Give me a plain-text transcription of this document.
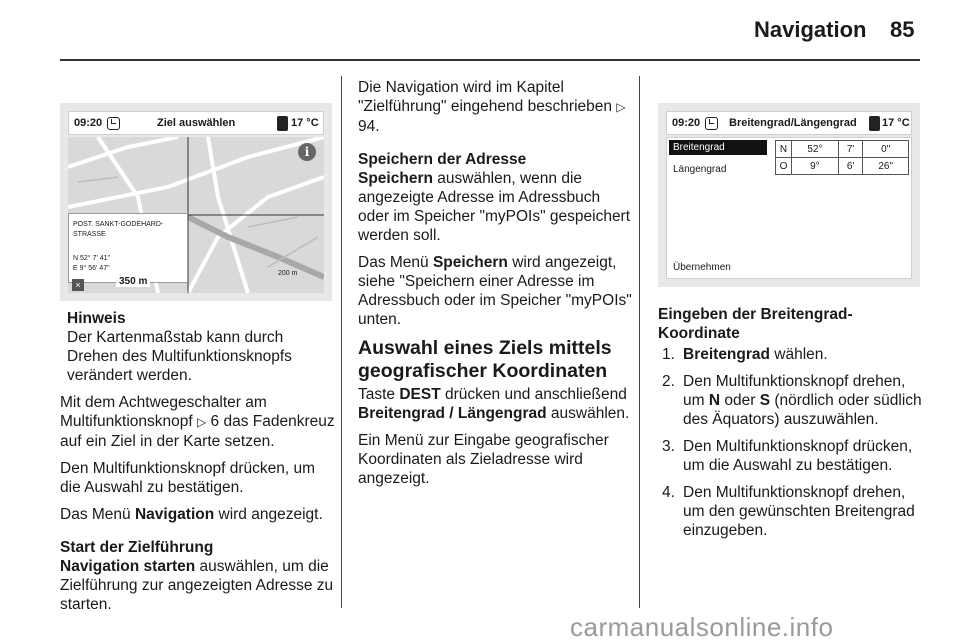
Navigation 85
09:20	Ziel auswählen	17 °C
i
POST. SANKT-GODEHARD-STRASSE
N 52° 7' 41"
E 9° 56' 47"
×	350 m
200 m
Hinweis
Der Kartenmaßstab kann durch Drehen des Multifunktionsknopfs verändert werden.

Mit dem Achtwegeschalter am Multifunktionsknopf ▷ 6 das Fadenkreuz auf ein Ziel in der Karte setzen.

Den Multifunktionsknopf drücken, um die Auswahl zu bestätigen.

Das Menü Navigation wird angezeigt.

Start der Zielführung

Navigation starten auswählen, um die Zielführung zur angezeigten Adresse zu starten.

Die Navigation wird im Kapitel "Zielführung" eingehend beschrieben ▷ 94.

Speichern der Adresse

Speichern auswählen, wenn die angezeigte Adresse im Adressbuch oder im Speicher "myPOIs" gespeichert werden soll.

Das Menü Speichern wird angezeigt, siehe "Speichern einer Adresse im Adressbuch oder im Speicher "myPOIs" unten.

Auswahl eines Ziels mittels geografischer Koordinaten

Taste DEST drücken und anschließend Breitengrad / Längengrad auswählen.

Ein Menü zur Eingabe geografischer Koordinaten als Zieladresse wird angezeigt.

09:20	Breitengrad/Längengrad 17 °C
Breitengrad
Längengrad
Übernehmen
N	52°	7'	0"
O	9°	6'	26"
Eingeben der Breitengrad-Koordinate
1. Breitengrad wählen.
2. Den Multifunktionsknopf drehen, um N oder S (nördlich oder südlich des Äquators) auszuwählen.
3. Den Multifunktionsknopf drücken, um die Auswahl zu bestätigen.
4. Den Multifunktionsknopf drehen, um den gewünschten Breitengrad einzugeben.
carmanualsonline.info
